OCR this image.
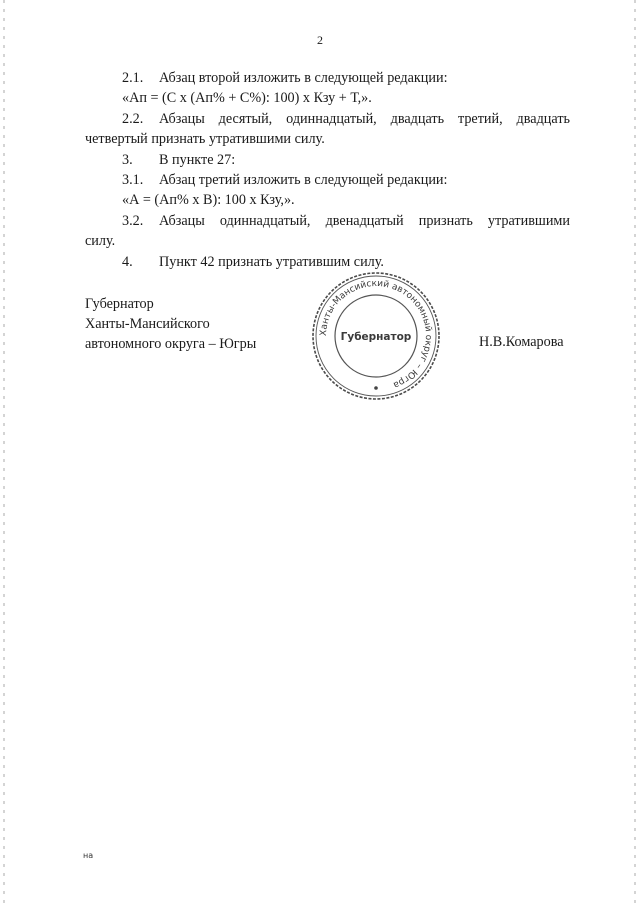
2
2.1. Абзац второй изложить в следующей редакции:
«Ап = (С х (Ап% + С%): 100) х Кзу + Т,».
2.2. Абзацы десятый, одиннадцатый, двадцать третий, двадцать
четвертый признать утратившими силу.
3. В пункте 27:
3.1. Абзац третий изложить в следующей редакции:
«А = (Ап% х В): 100 х Кзу,».
3.2. Абзацы одиннадцатый, двенадцатый признать утратившими
силу.
4. Пункт 42 признать утратившим силу.
Губернатор
Ханты-Мансийского
автономного округа – Югры
Ханты-Мансийский автономный округ – Югра
Губернатор	Н.В.Комарова
на
